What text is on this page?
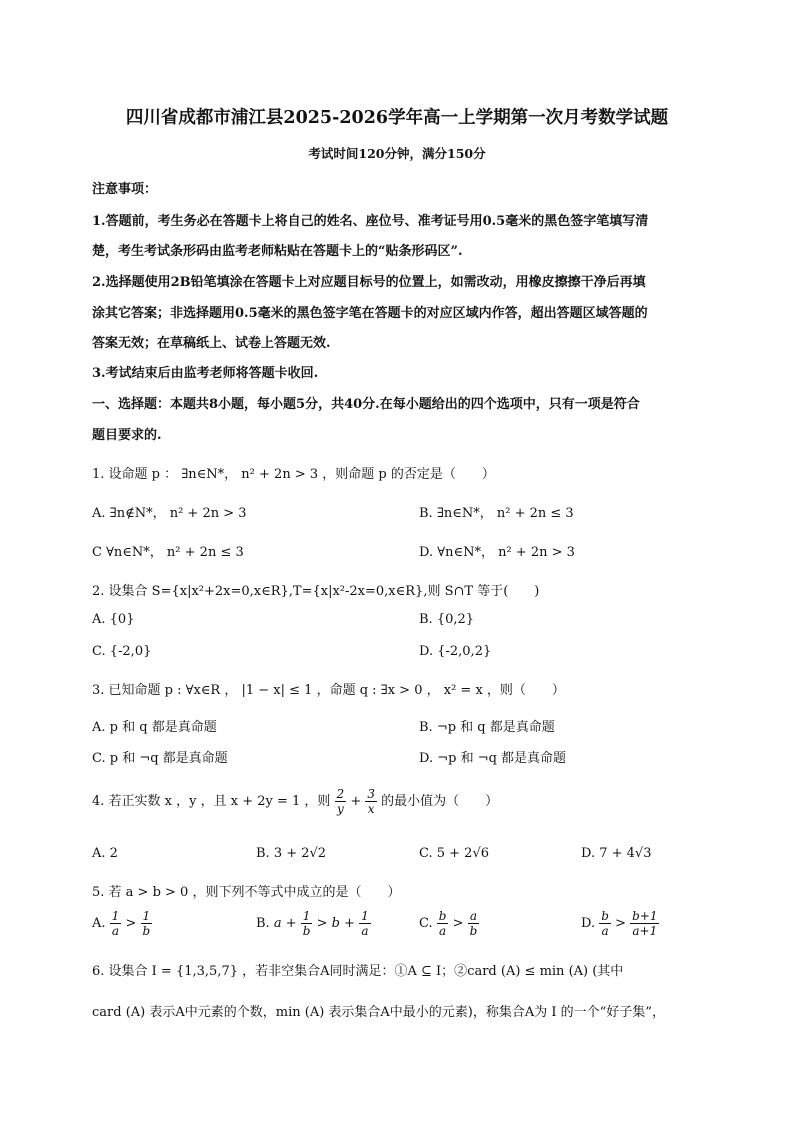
四川省成都市浦江县2025-2026学年高一上学期第一次月考数学试题
考试时间120分钟，满分150分
注意事项：
1.答题前，考生务必在答题卡上将自己的姓名、座位号、准考证号用0.5毫米的黑色签字笔填写清
楚，考生考试条形码由监考老师粘贴在答题卡上的“贴条形码区”.
2.选择题使用2B铅笔填涂在答题卡上对应题目标号的位置上，如需改动，用橡皮擦擦干净后再填
涂其它答案；非选择题用0.5毫米的黑色签字笔在答题卡的对应区域内作答，超出答题区域答题的
答案无效；在草稿纸上、试卷上答题无效.
3.考试结束后由监考老师将答题卡收回.
一、选择题：本题共8小题，每小题5分，共40分.在每小题给出的四个选项中，只有一项是符合
题目要求的.
1. 设命题 p ： ∃n∈N*， n² + 2n > 3 ，则命题 p 的否定是（　　）
A. ∃n∉N*， n² + 2n > 3	B. ∃n∈N*， n² + 2n ≤ 3
C ∀n∈N*， n² + 2n ≤ 3	D. ∀n∈N*， n² + 2n > 3
2. 设集合 S={x|x²+2x=0,x∈R},T={x|x²-2x=0,x∈R},则 S∩T 等于(　　)
A. {0}	B. {0,2}
C. {-2,0}	D. {-2,0,2}
3. 已知命题 p : ∀x∈R ， |1 − x| ≤ 1 ，命题 q : ∃x > 0 ， x² = x ，则（　　）
A. p 和 q 都是真命题	B. ¬p 和 q 都是真命题
C. p 和 ¬q 都是真命题	D. ¬p 和 ¬q 都是真命题
4. 若正实数 x ，y ，且 x + 2y = 1 ，则 $\frac{2}{y} + \frac{3}{x}$ 的最小值为（　　）
A. 2	B. 3 + 2√2	C. 5 + 2√6	D. 7 + 4√3
5. 若 a > b > 0 ，则下列不等式中成立的是（　　）
A. $\frac{1}{a} > \frac{1}{b}$	B. $a + \frac{1}{b} > b + \frac{1}{a}$	C. $\frac{b}{a} > \frac{a}{b}$	D. $\frac{b}{a} > \frac{b+1}{a+1}$
6. 设集合 I = {1,3,5,7} ，若非空集合A同时满足：①A ⊆ I；②card (A) ≤ min (A) (其中
card (A) 表示A中元素的个数，min (A) 表示集合A中最小的元素)，称集合A为 I 的一个“好子集”，
